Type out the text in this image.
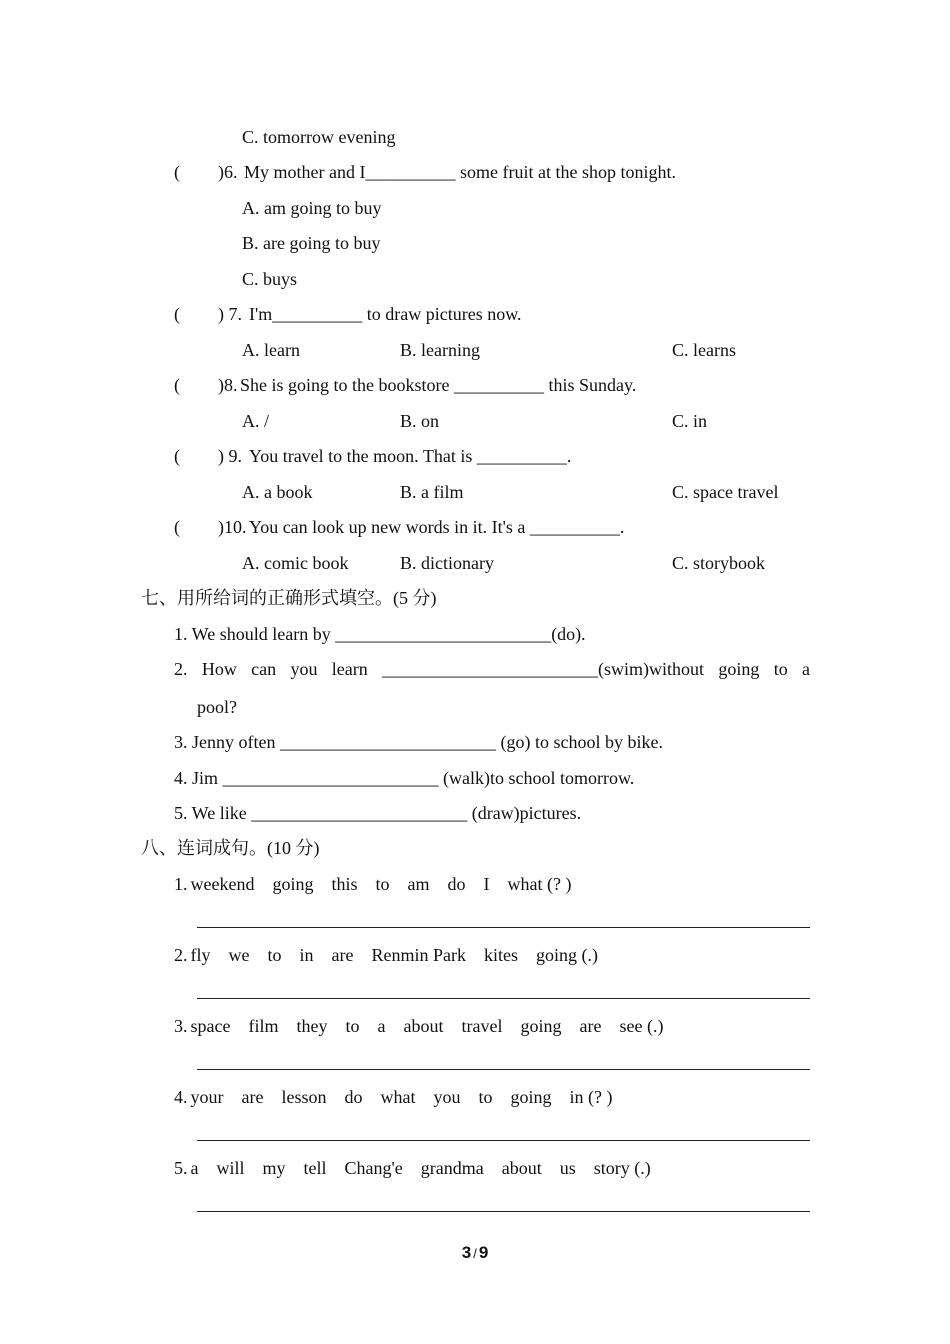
C. tomorrow evening
( )6. My mother and I__________ some fruit at the shop tonight.
A. am going to buy
B. are going to buy
C. buys
( ) 7. I'm__________ to draw pictures now.
A. learn	B. learning	C. learns
( )8. She is going to the bookstore __________ this Sunday.
A. /	B. on	C. in
( ) 9. You travel to the moon. That is __________.
A. a book	B. a film	C. space travel
( )10. You can look up new words in it. It's a __________.
A. comic book	B. dictionary	C. storybook
七、用所给词的正确形式填空。(5 分)
1. We should learn by ________________________(do).
2. How can you learn ________________________(swim)without going to a
pool?
3. Jenny often ________________________ (go) to school by bike.
4. Jim ________________________ (walk)to school tomorrow.
5. We like ________________________ (draw)pictures.
八、连词成句。(10 分)
1. weekend going this to am do I what (? )
2. fly we to in are Renmin Park kites going (.)
3. space film they to a about travel going are see (.)
4. your are lesson do what you to going in (? )
5. a will my tell Chang'e grandma about us story (.)
3 / 9
